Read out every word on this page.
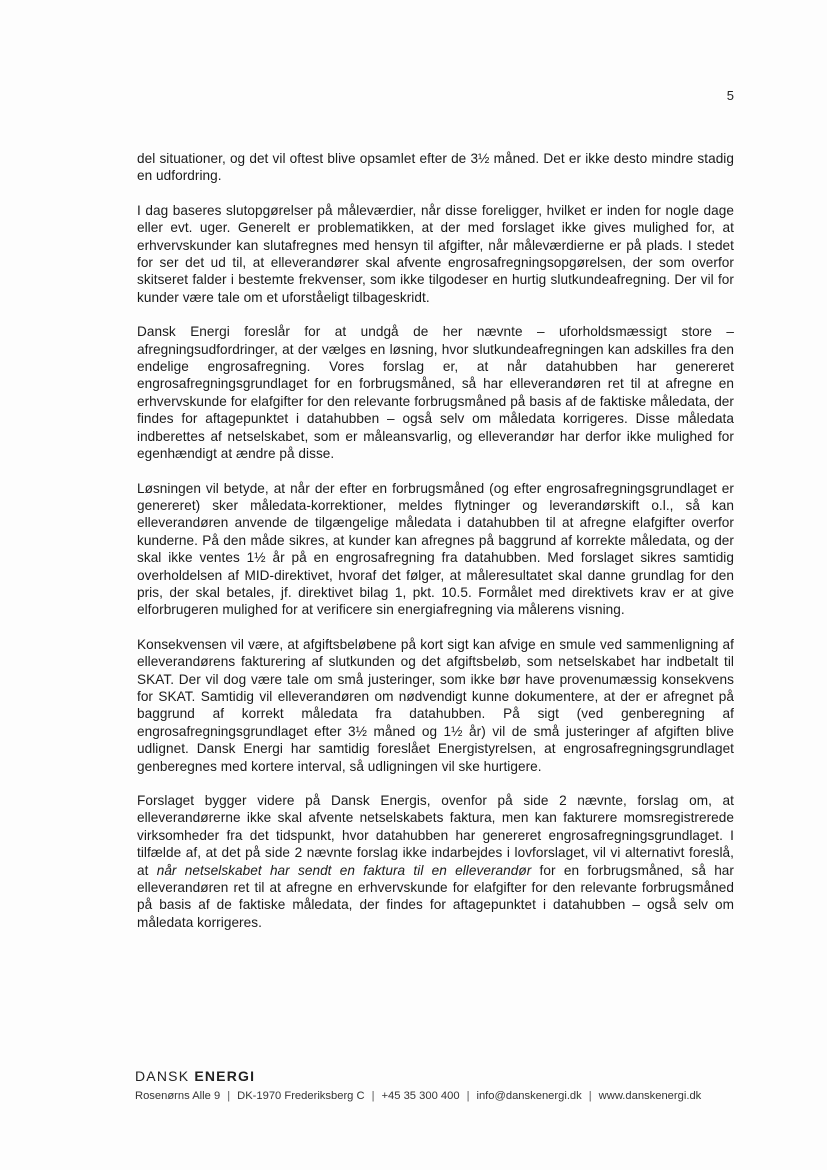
5

del situationer, og det vil oftest blive opsamlet efter de 3½ måned. Det er ikke desto mindre stadig en udfordring.

I dag baseres slutopgørelser på måleværdier, når disse foreligger, hvilket er inden for nogle dage eller evt. uger. Generelt er problematikken, at der med forslaget ikke gives mulighed for, at erhvervskunder kan slutafregnes med hensyn til afgifter, når måleværdierne er på plads. I stedet for ser det ud til, at elleverandører skal afvente engrosafregningsopgørelsen, der som overfor skitseret falder i bestemte frekvenser, som ikke tilgodeser en hurtig slutkundeafregning. Der vil for kunder være tale om et uforståeligt tilbageskridt.

Dansk Energi foreslår for at undgå de her nævnte – uforholdsmæssigt store – afregningsudfordringer, at der vælges en løsning, hvor slutkundeafregningen kan adskilles fra den endelige engrosafregning. Vores forslag er, at når datahubben har genereret engrosafregningsgrundlaget for en forbrugsmåned, så har elleverandøren ret til at afregne en erhvervskunde for elafgifter for den relevante forbrugsmåned på basis af de faktiske måledata, der findes for aftagepunktet i datahubben – også selv om måledata korrigeres. Disse måledata indberettes af netselskabet, som er måleansvarlig, og elleverandør har derfor ikke mulighed for egenhændigt at ændre på disse.

Løsningen vil betyde, at når der efter en forbrugsmåned (og efter engrosafregningsgrundlaget er genereret) sker måledata-korrektioner, meldes flytninger og leverandørskift o.l., så kan elleverandøren anvende de tilgængelige måledata i datahubben til at afregne elafgifter overfor kunderne. På den måde sikres, at kunder kan afregnes på baggrund af korrekte måledata, og der skal ikke ventes 1½ år på en engrosafregning fra datahubben. Med forslaget sikres samtidig overholdelsen af MID-direktivet, hvoraf det følger, at måleresultatet skal danne grundlag for den pris, der skal betales, jf. direktivet bilag 1, pkt. 10.5. Formålet med direktivets krav er at give elforbrugeren mulighed for at verificere sin energiafregning via målerens visning.

Konsekvensen vil være, at afgiftsbeløbene på kort sigt kan afvige en smule ved sammenligning af elleverandørens fakturering af slutkunden og det afgiftsbeløb, som netselskabet har indbetalt til SKAT. Der vil dog være tale om små justeringer, som ikke bør have provenumæssig konsekvens for SKAT. Samtidig vil elleverandøren om nødvendigt kunne dokumentere, at der er afregnet på baggrund af korrekt måledata fra datahubben. På sigt (ved genberegning af engrosafregningsgrundlaget efter 3½ måned og 1½ år) vil de små justeringer af afgiften blive udlignet. Dansk Energi har samtidig foreslået Energistyrelsen, at engrosafregningsgrundlaget genberegnes med kortere interval, så udligningen vil ske hurtigere.

Forslaget bygger videre på Dansk Energis, ovenfor på side 2 nævnte, forslag om, at elleverandørerne ikke skal afvente netselskabets faktura, men kan fakturere momsregistrerede virksomheder fra det tidspunkt, hvor datahubben har genereret engrosafregningsgrundlaget. I tilfælde af, at det på side 2 nævnte forslag ikke indarbejdes i lovforslaget, vil vi alternativt foreslå, at når netselskabet har sendt en faktura til en elleverandør for en forbrugsmåned, så har elleverandøren ret til at afregne en erhvervskunde for elafgifter for den relevante forbrugsmåned på basis af de faktiske måledata, der findes for aftagepunktet i datahubben – også selv om måledata korrigeres.

DANSK ENERGI
Rosenørns Alle 9 | DK-1970 Frederiksberg C | +45 35 300 400 | info@danskenergi.dk | www.danskenergi.dk
